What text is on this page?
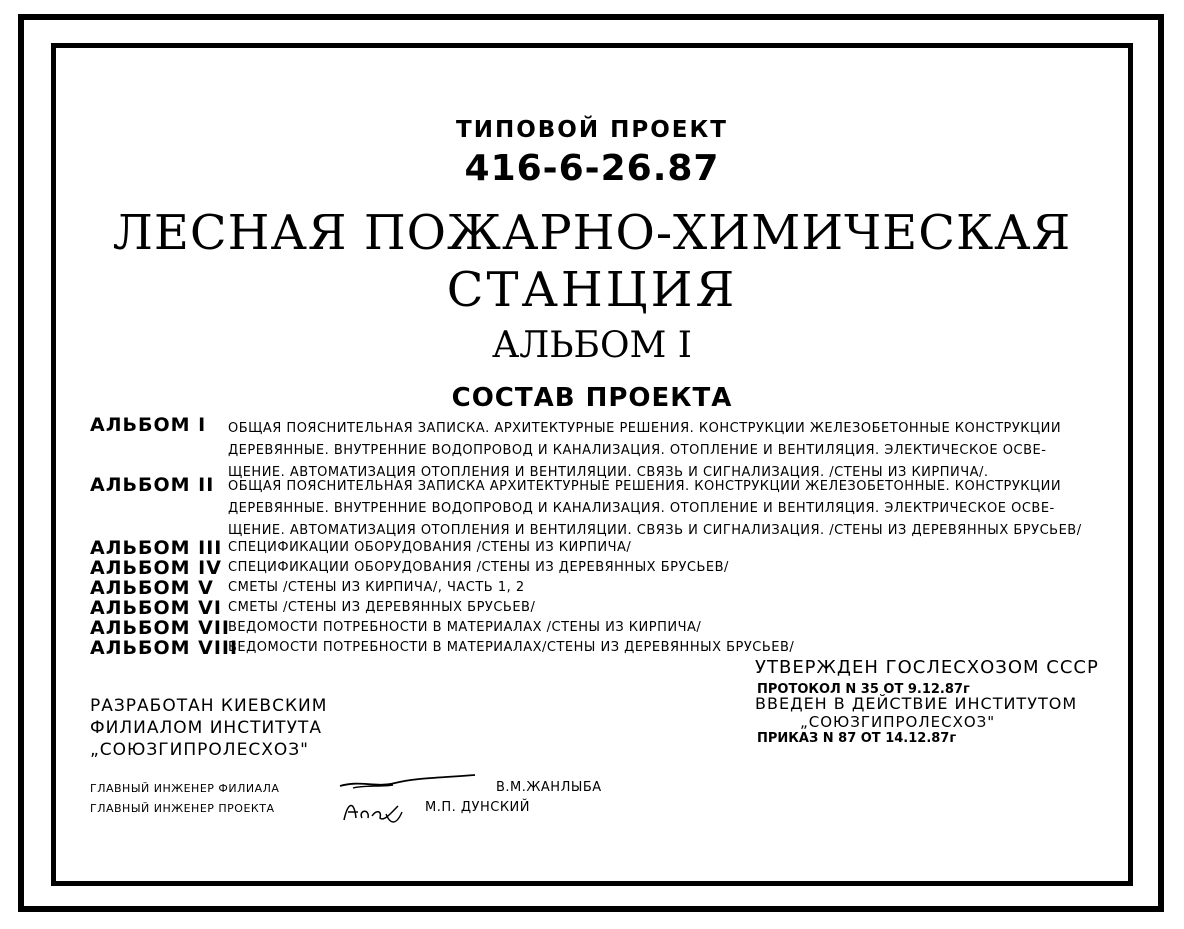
ТИПОВОЙ ПРОЕКТ
416-6-26.87
ЛЕСНАЯ ПОЖАРНО-ХИМИЧЕСКАЯ
СТАНЦИЯ
АЛЬБОМ I
СОСТАВ ПРОЕКТА
АЛЬБОМ I ОБЩАЯ ПОЯСНИТЕЛЬНАЯ ЗАПИСКА. АРХИТЕКТУРНЫЕ РЕШЕНИЯ. КОНСТРУКЦИИ ЖЕЛЕЗОБЕТОННЫЕ КОНСТРУКЦИИ
ДЕРЕВЯННЫЕ. ВНУТРЕННИЕ ВОДОПРОВОД И КАНАЛИЗАЦИЯ. ОТОПЛЕНИЕ И ВЕНТИЛЯЦИЯ. ЭЛЕКТИЧЕСКОЕ ОСВЕ-
ЩЕНИЕ. АВТОМАТИЗАЦИЯ ОТОПЛЕНИЯ И ВЕНТИЛЯЦИИ. СВЯЗЬ И СИГНАЛИЗАЦИЯ. /СТЕНЫ ИЗ КИРПИЧА/.
АЛЬБОМ II ОБЩАЯ ПОЯСНИТЕЛЬНАЯ ЗАПИСКА АРХИТЕКТУРНЫЕ РЕШЕНИЯ. КОНСТРУКЦИИ ЖЕЛЕЗОБЕТОННЫЕ. КОНСТРУКЦИИ
ДЕРЕВЯННЫЕ. ВНУТРЕННИЕ ВОДОПРОВОД И КАНАЛИЗАЦИЯ. ОТОПЛЕНИЕ И ВЕНТИЛЯЦИЯ. ЭЛЕКТРИЧЕСКОЕ ОСВЕ-
ЩЕНИЕ. АВТОМАТИЗАЦИЯ ОТОПЛЕНИЯ И ВЕНТИЛЯЦИИ. СВЯЗЬ И СИГНАЛИЗАЦИЯ. /СТЕНЫ ИЗ ДЕРЕВЯННЫХ БРУСЬЕВ/
АЛЬБОМ III СПЕЦИФИКАЦИИ ОБОРУДОВАНИЯ /СТЕНЫ ИЗ КИРПИЧА/
АЛЬБОМ IV СПЕЦИФИКАЦИИ ОБОРУДОВАНИЯ /СТЕНЫ ИЗ ДЕРЕВЯННЫХ БРУСЬЕВ/
АЛЬБОМ V СМЕТЫ /СТЕНЫ ИЗ КИРПИЧА/, ЧАСТЬ 1, 2
АЛЬБОМ VI СМЕТЫ /СТЕНЫ ИЗ ДЕРЕВЯННЫХ БРУСЬЕВ/
АЛЬБОМ VII
ВЕДОМОСТИ ПОТРЕБНОСТИ В МАТЕРИАЛАХ /СТЕНЫ ИЗ КИРПИЧА/
АЛЬБОМ VIII
ВЕДОМОСТИ ПОТРЕБНОСТИ В МАТЕРИАЛАХ/СТЕНЫ ИЗ ДЕРЕВЯННЫХ БРУСЬЕВ/
УТВЕРЖДЕН ГОСЛЕСХОЗОМ СССР
ПРОТОКОЛ N 35 ОТ 9.12.87г
ВВЕДЕН В ДЕЙСТВИЕ ИНСТИТУТОМ
„СОЮЗГИПРОЛЕСХОЗ"
ПРИКАЗ N 87 ОТ 14.12.87г
РАЗРАБОТАН КИЕВСКИМ
ФИЛИАЛОМ ИНСТИТУТА
„СОЮЗГИПРОЛЕСХОЗ"
ГЛАВНЫЙ ИНЖЕНЕР ФИЛИАЛА	В.М.ЖАНЛЫБА
ГЛАВНЫЙ ИНЖЕНЕР ПРОЕКТА	М.П. ДУНСКИЙ
